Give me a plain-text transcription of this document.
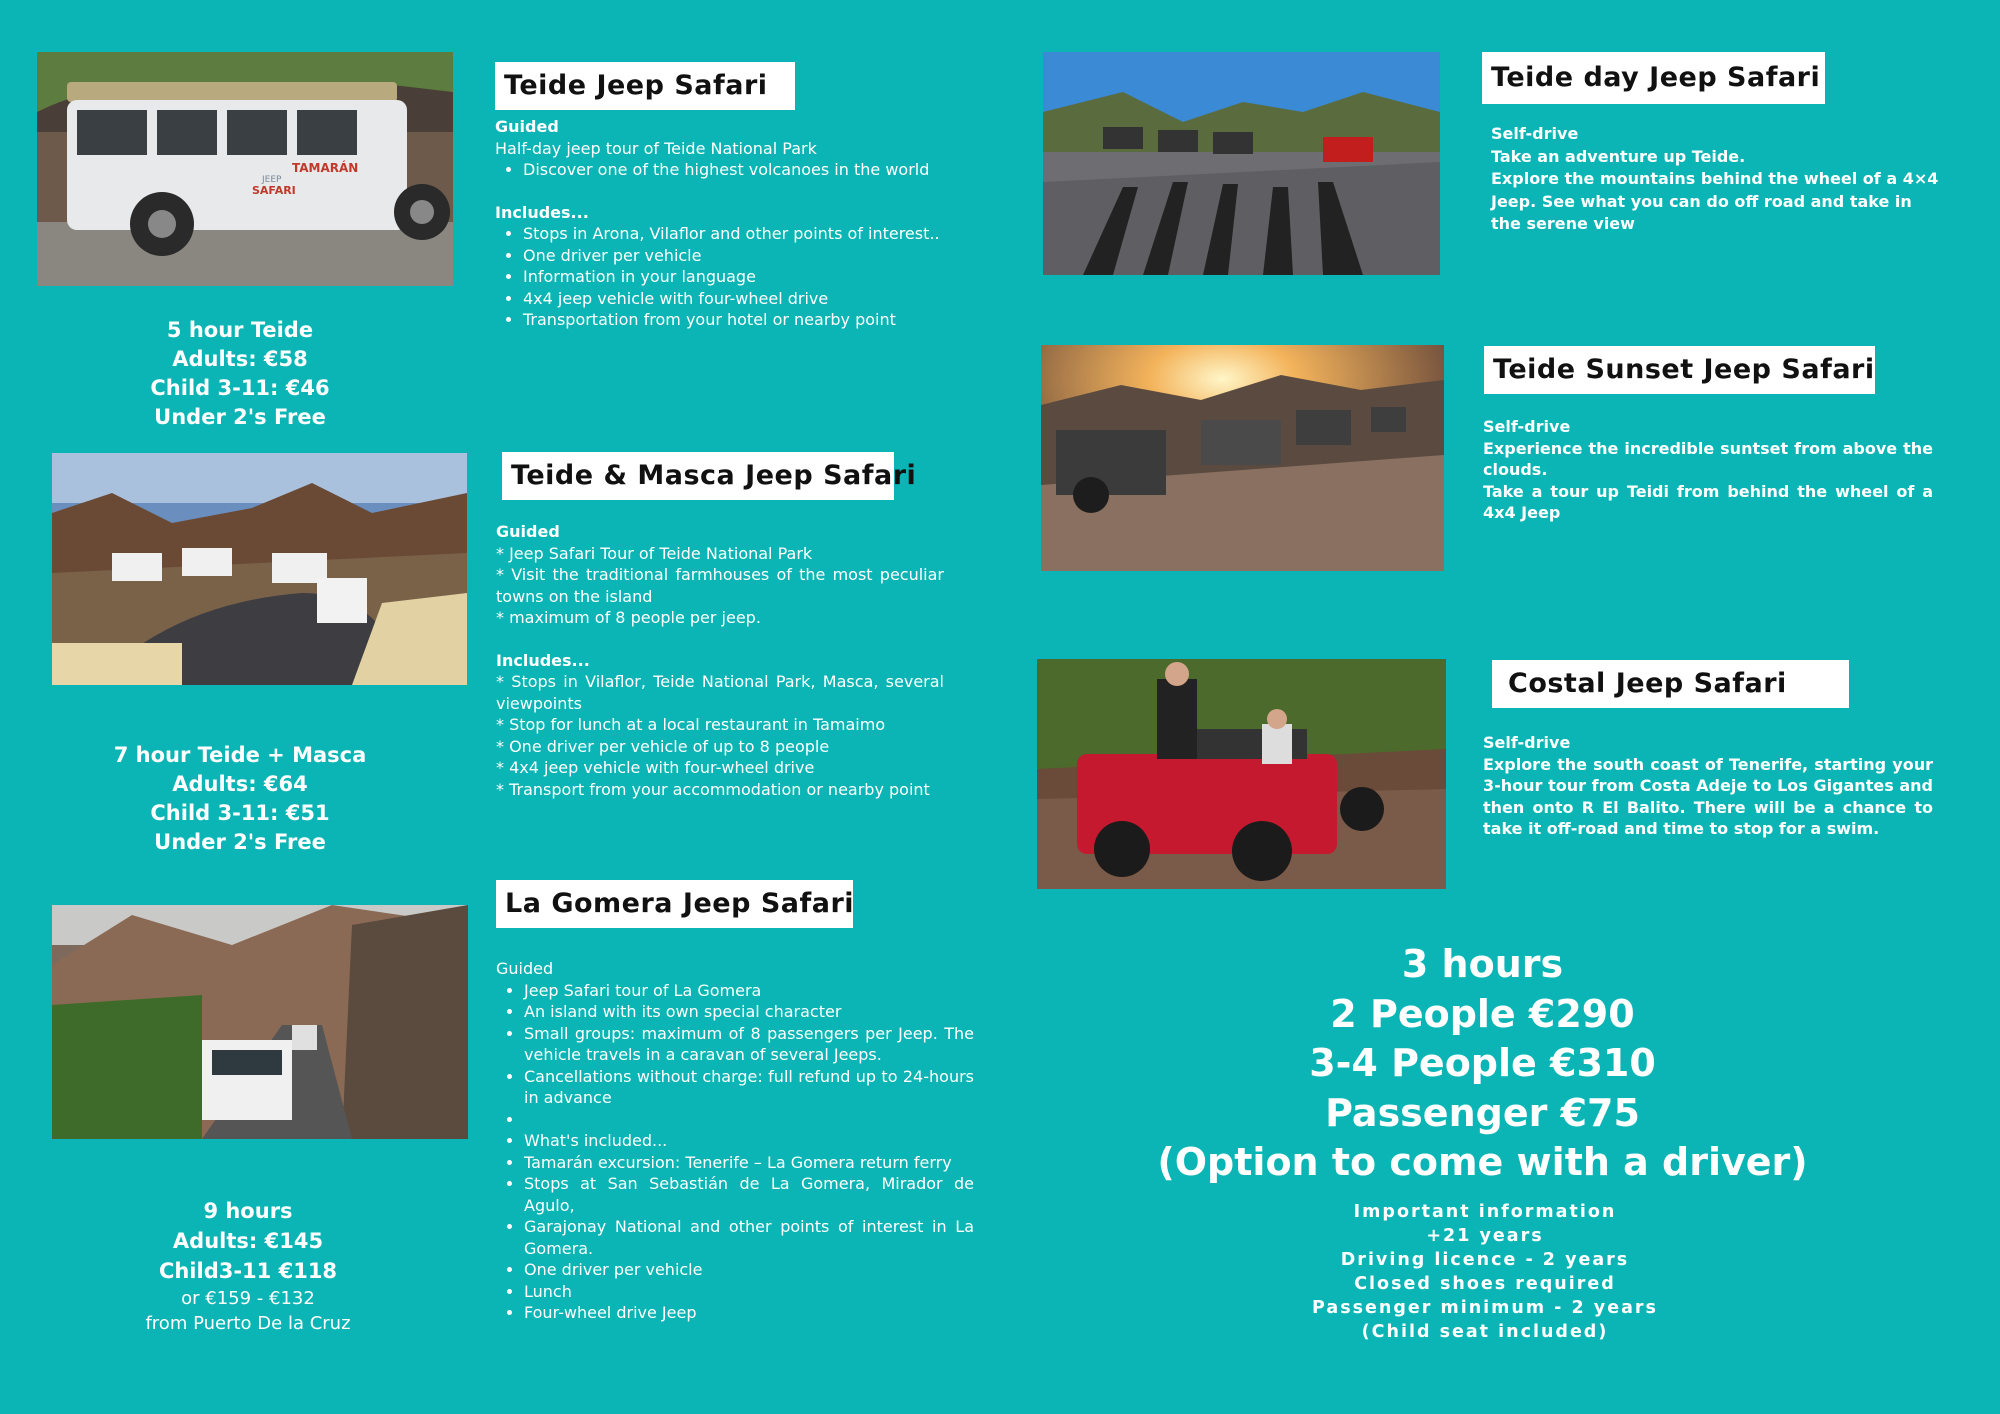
JEEP
SAFARI
TAMARÁN
Teide Jeep Safari
Guided
Half-day jeep tour of Teide National Park
• Discover one of the highest volcanoes in the world
Includes...
• Stops in Arona, Vilaflor and other points of interest..
• One driver per vehicle
• Information in your language
• 4x4 jeep vehicle with four-wheel drive
• Transportation from your hotel or nearby point
5 hour Teide
Adults: €58
Child 3-11: €46
Under 2's Free
Teide & Masca Jeep Safari
Guided
* Jeep Safari Tour of Teide National Park
* Visit the traditional farmhouses of the most peculiar towns on the island
* maximum of 8 people per jeep.
Includes...
* Stops in Vilaflor, Teide National Park, Masca, several viewpoints
* Stop for lunch at a local restaurant in Tamaimo
* One driver per vehicle of up to 8 people
* 4x4 jeep vehicle with four-wheel drive
* Transport from your accommodation or nearby point
7 hour Teide + Masca
Adults: €64
Child 3-11: €51
Under 2's Free
La Gomera Jeep Safari
Guided
• Jeep Safari tour of La Gomera
• An island with its own special character
• Small groups: maximum of 8 passengers per Jeep. The vehicle travels in a caravan of several Jeeps.
• Cancellations without charge: full refund up to 24-hours in advance
•
• What's included...
• Tamarán excursion: Tenerife – La Gomera return ferry
• Stops at San Sebastián de La Gomera, Mirador de Agulo,
• Garajonay National and other points of interest in La Gomera.
• One driver per vehicle
• Lunch
• Four-wheel drive Jeep
9 hours
Adults: €145
Child3-11 €118
or €159 - €132
from Puerto De la Cruz
Teide day Jeep Safari
Self-drive
Take an adventure up Teide.
Explore the mountains behind the wheel of a 4×4 Jeep. See what you can do off road and take in the serene view
Teide Sunset Jeep Safari
Self-drive
Experience the incredible suntset from above the clouds.
Take a tour up Teidi from behind the wheel of a 4x4 Jeep
Costal Jeep Safari
Self-drive
Explore the south coast of Tenerife, starting your 3-hour tour from Costa Adeje to Los Gigantes and then onto R El Balito. There will be a chance to take it off-road and time to stop for a swim.
3 hours
2 People €290
3-4 People €310
Passenger €75
(Option to come with a driver)
Important information
+21 years
Driving licence - 2 years
Closed shoes required
Passenger minimum - 2 years
(Child seat included)
